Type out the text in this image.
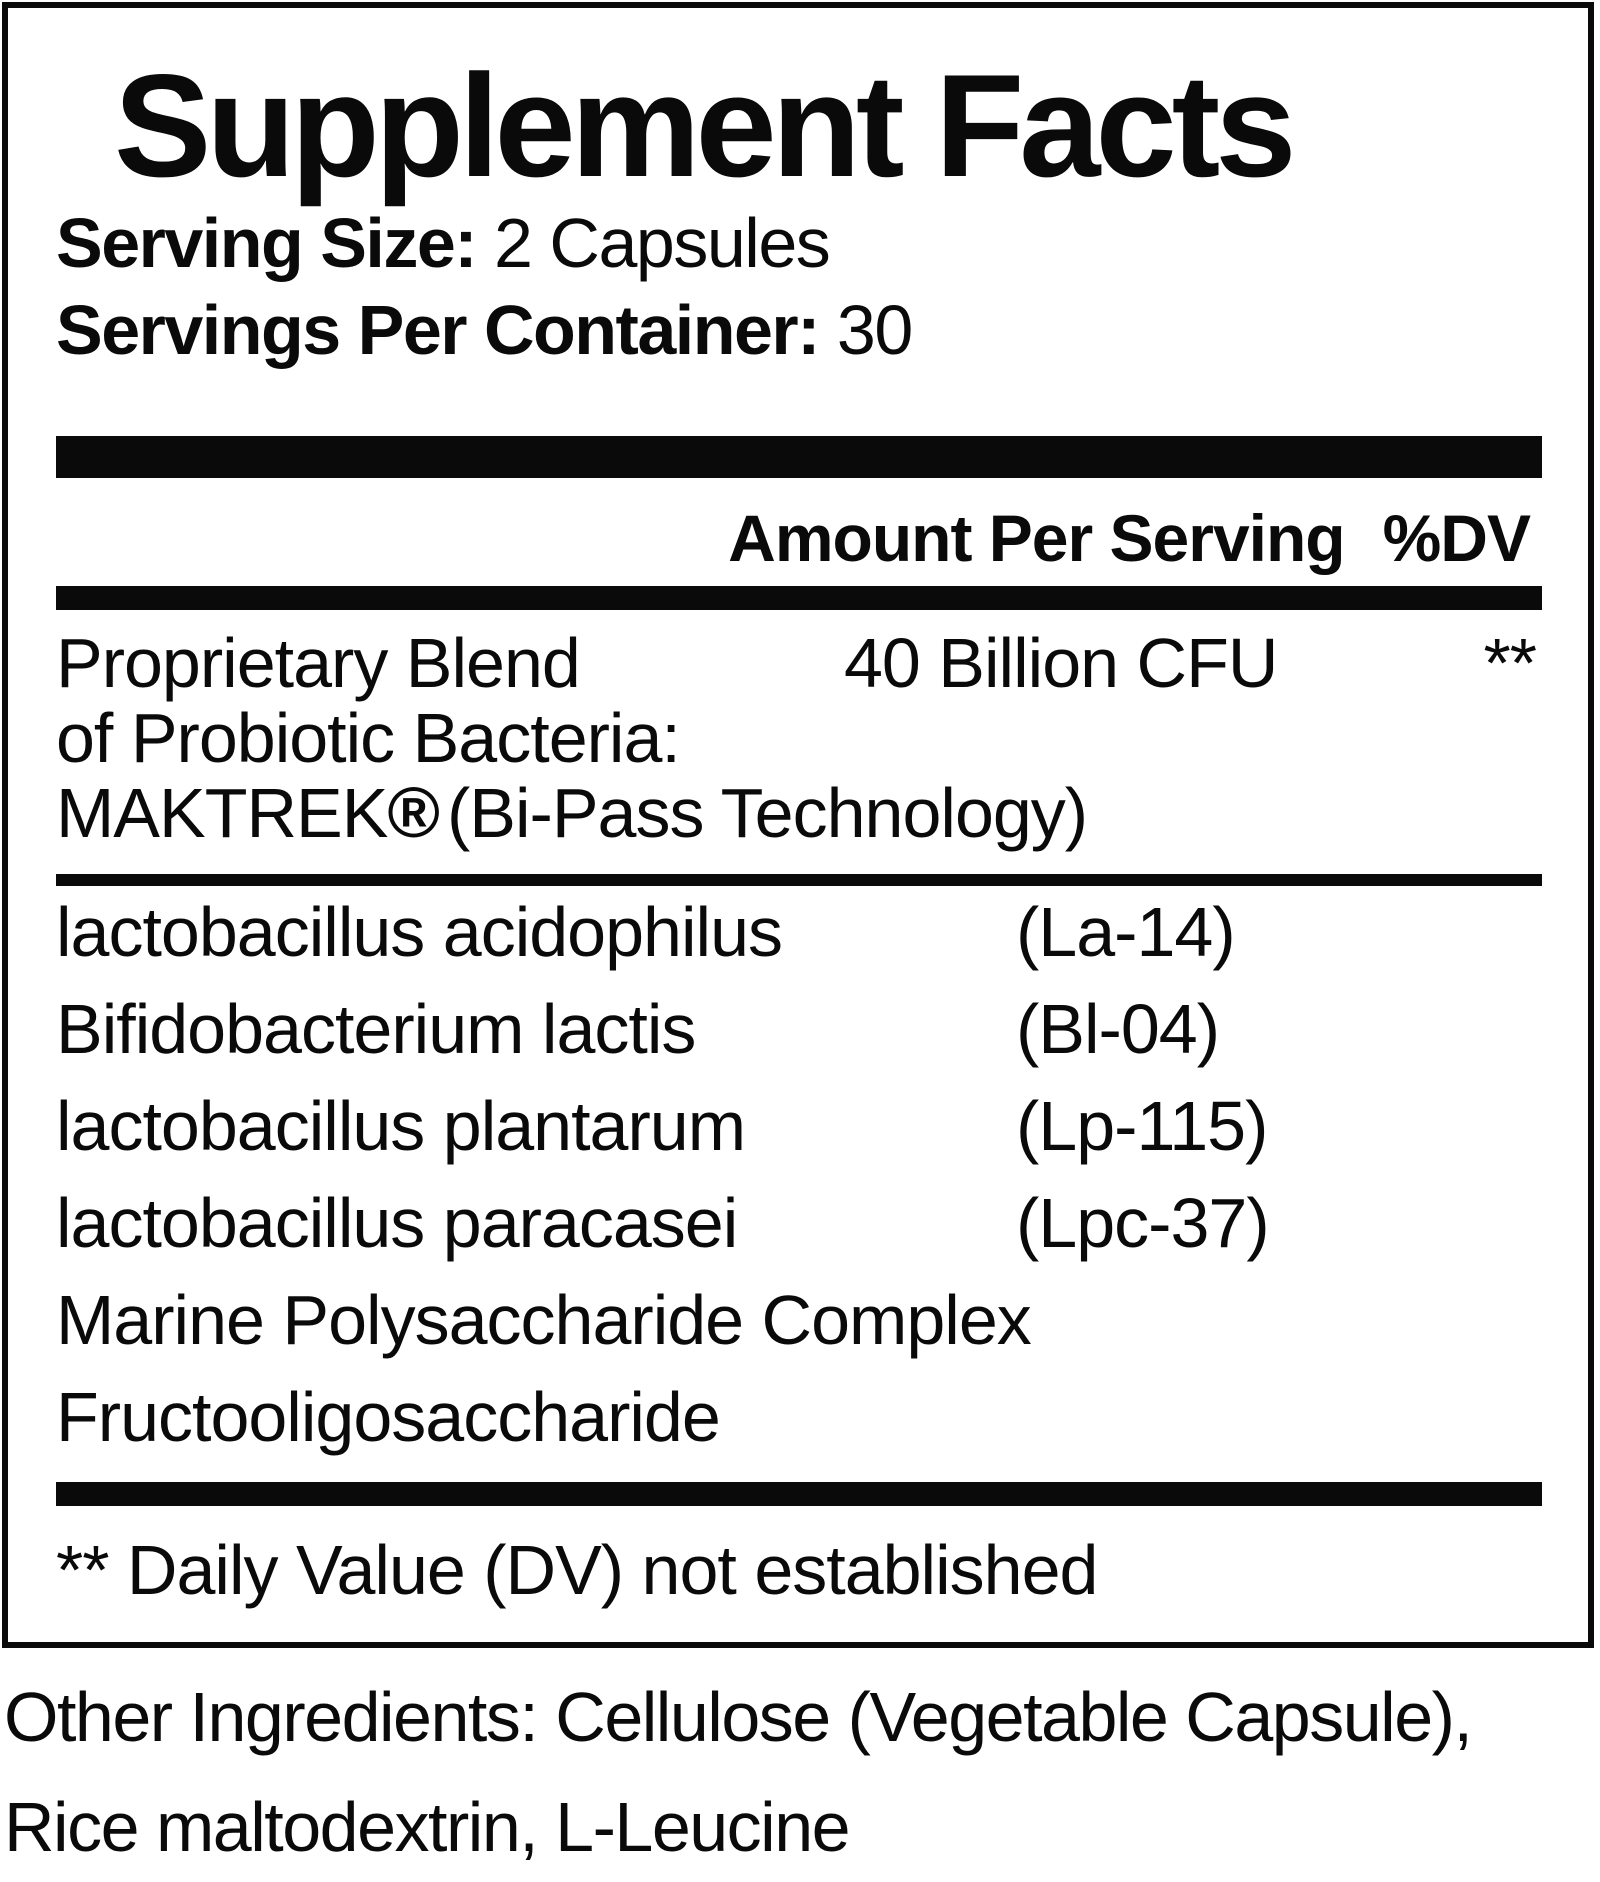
Supplement Facts
Serving Size: 2 Capsules
Servings Per Container: 30
Amount Per Serving %DV
Proprietary Blend	40 Billion CFU	**
of Probiotic Bacteria:
MAKTREK® (Bi-Pass Technology)
lactobacillus acidophilus	(La-14)
Bifidobacterium lactis	(Bl-04)
lactobacillus plantarum	(Lp-115)
lactobacillus paracasei	(Lpc-37)
Marine Polysaccharide Complex
Fructooligosaccharide
** Daily Value (DV) not established
Other Ingredients: Cellulose (Vegetable Capsule), Rice maltodextrin, L-Leucine
